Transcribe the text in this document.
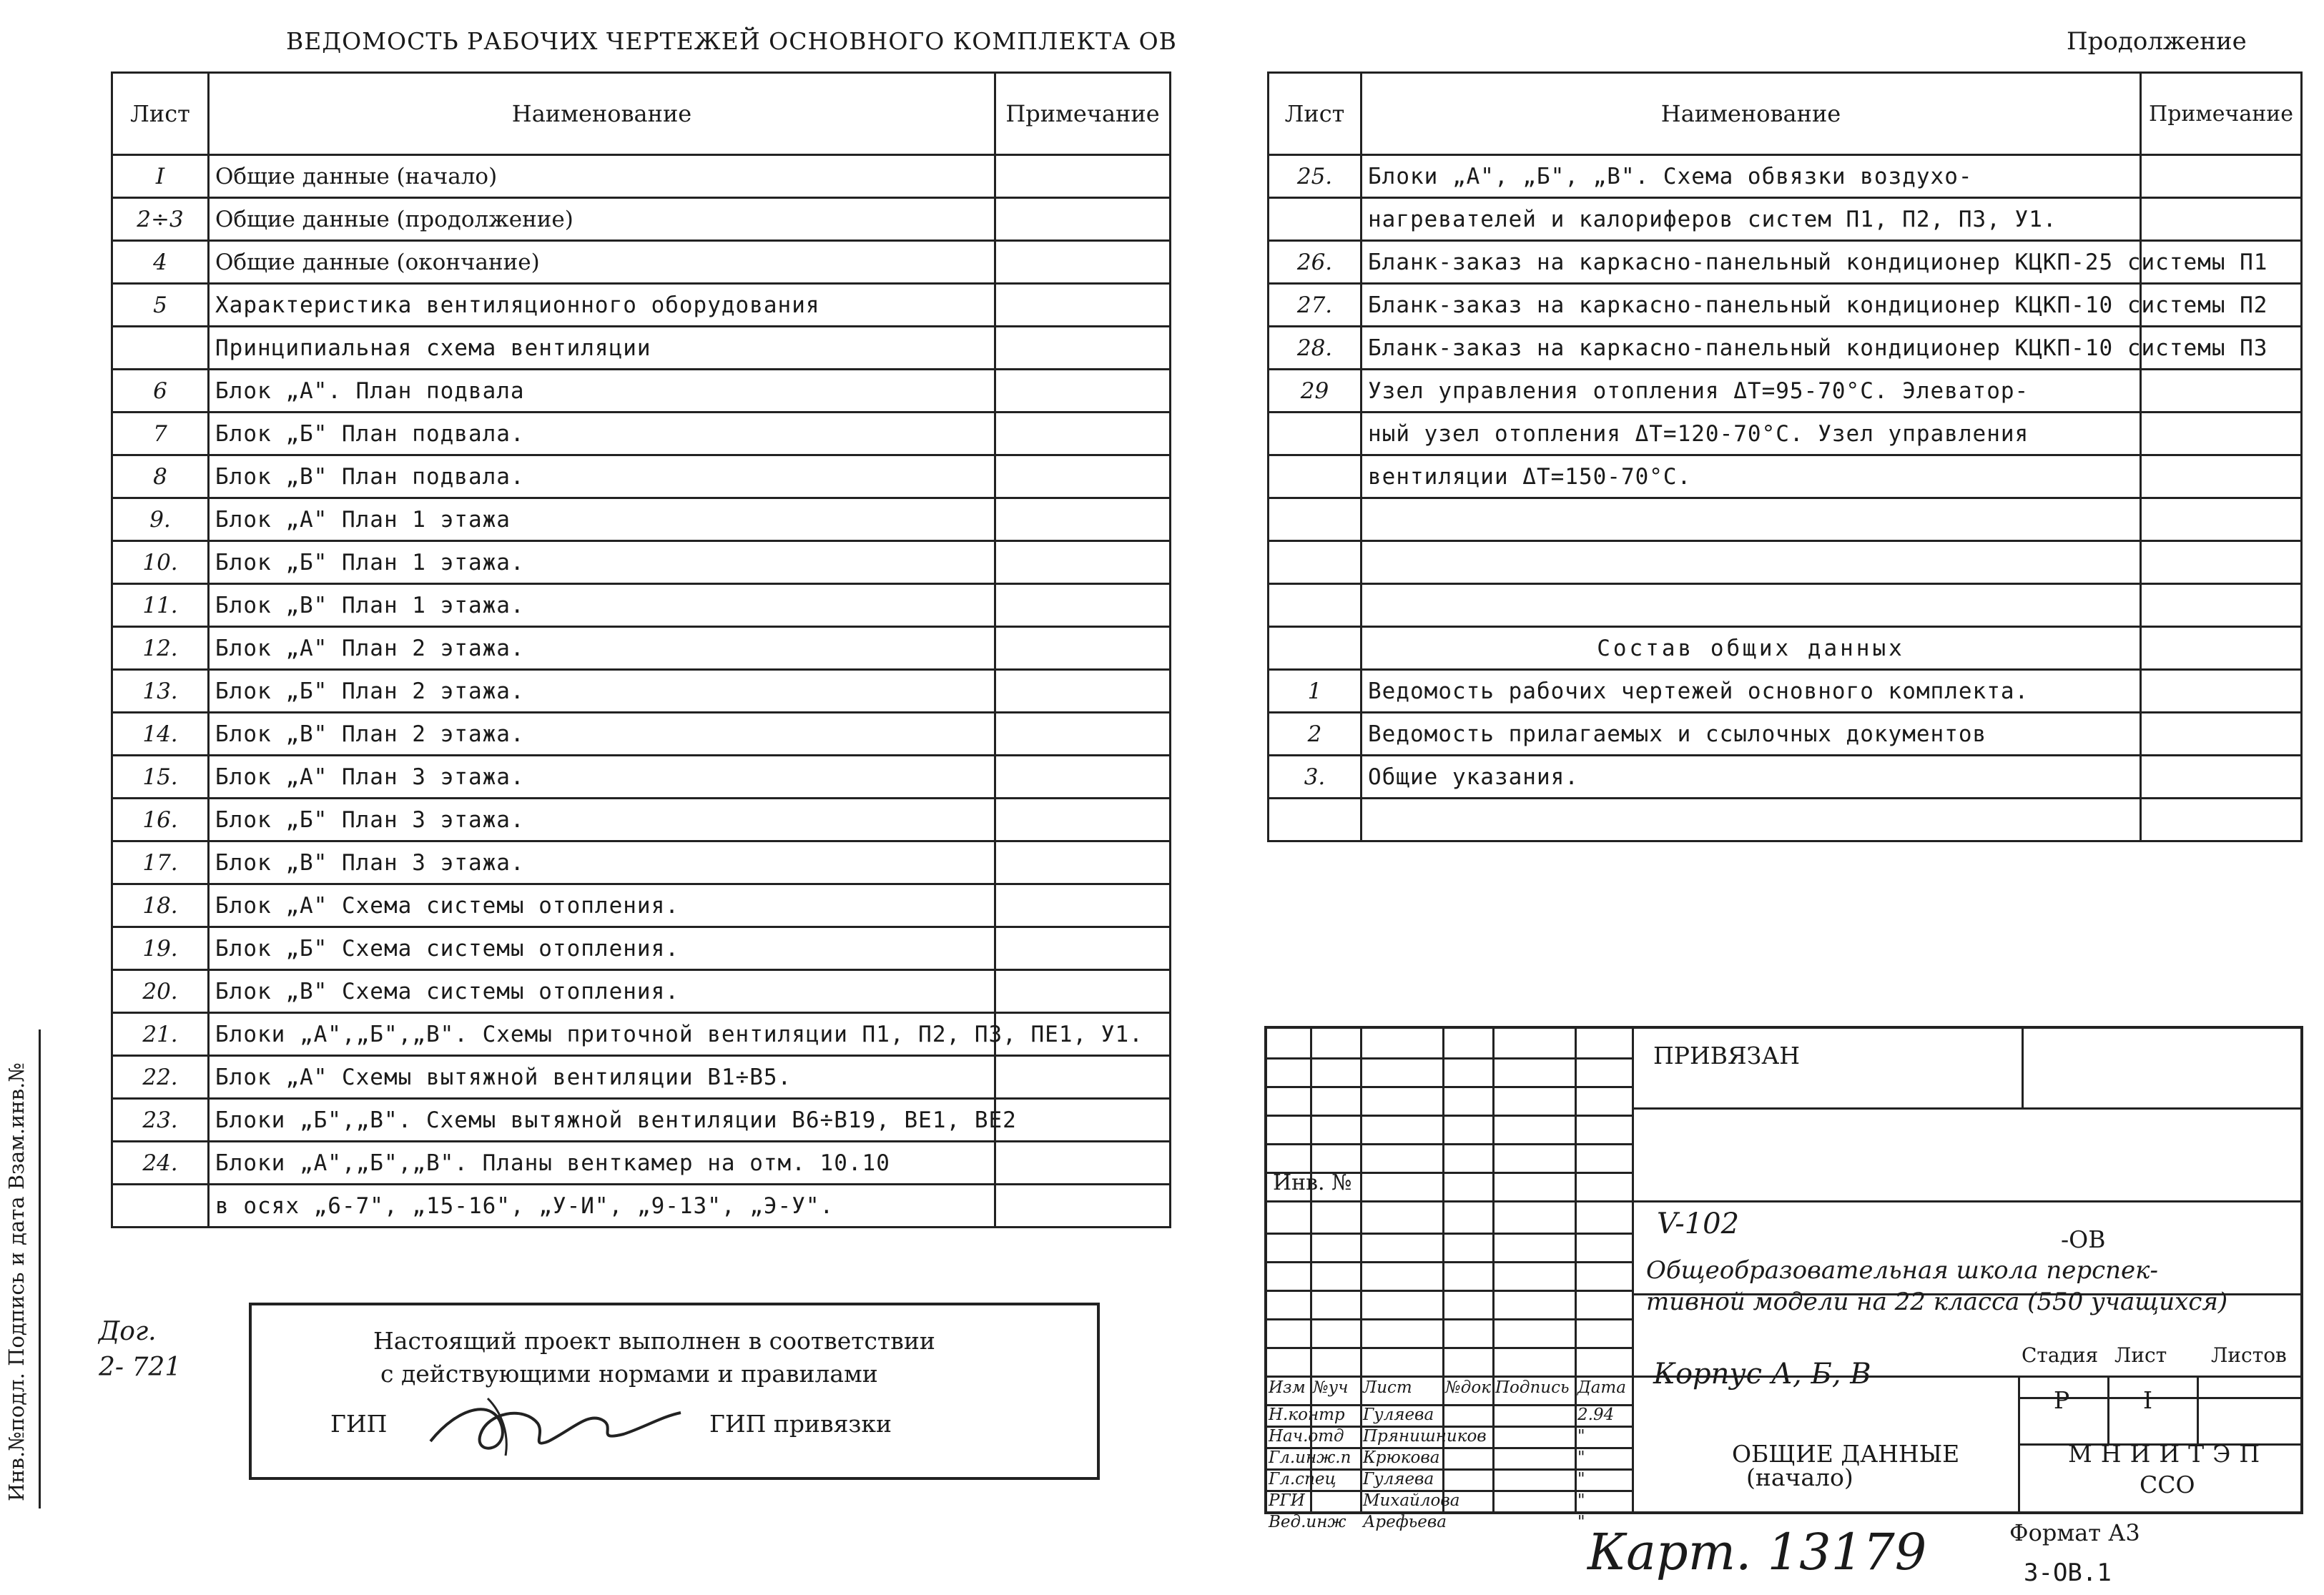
ВЕДОМОСТЬ РАБОЧИХ ЧЕРТЕЖЕЙ ОСНОВНОГО КОМПЛЕКТА ОВ	Продолжение
Лист	Наименование	Примечание
I	Общие данные (начало)	
2÷3	Общие данные (продолжение)	
4	Общие данные (окончание)	
5	Характеристика вентиляционного оборудования	
	Принципиальная схема вентиляции	
6	Блок „А". План подвала	
7	Блок „Б" План подвала.	
8	Блок „В" План подвала.	
9.	Блок „А" План 1 этажа	
10.	Блок „Б" План 1 этажа.	
11.	Блок „В" План 1 этажа.	
12.	Блок „А" План 2 этажа.	
13.	Блок „Б" План 2 этажа.	
14.	Блок „В" План 2 этажа.	
15.	Блок „А" План 3 этажа.	
16.	Блок „Б" План 3 этажа.	
17.	Блок „В" План 3 этажа.	
18.	Блок „А" Схема системы отопления.	
19.	Блок „Б" Схема системы отопления.	
20.	Блок „В" Схема системы отопления.	
21.	Блоки „А",„Б",„В". Схемы приточной вентиляции П1, П2, П3, ПЕ1, У1.	
22.	Блок „А" Схемы вытяжной вентиляции В1÷В5.	
23.	Блоки „Б",„В". Схемы вытяжной вентиляции В6÷В19, ВЕ1, ВЕ2	
24.	Блоки „А",„Б",„В". Планы венткамер на отм. 10.10	
	в осях „6-7", „15-16", „У-И", „9-13", „Э-У".	
Лист	Наименование	Примечание
25.	Блоки „А", „Б", „В". Схема обвязки воздухо-	
	нагревателей и калориферов систем П1, П2, П3, У1.	
26.	Бланк-заказ на каркасно-панельный кондиционер КЦКП-25 системы П1	
27.	Бланк-заказ на каркасно-панельный кондиционер КЦКП-10 системы П2	
28.	Бланк-заказ на каркасно-панельный кондиционер КЦКП-10 системы П3	
29	Узел управления отопления ΔТ=95-70°С. Элеватор-	
	ный узел отопления ΔТ=120-70°С. Узел управления	
	вентиляции ΔТ=150-70°С.	

	Состав общих данных	
1	Ведомость рабочих чертежей основного комплекта.	
2	Ведомость прилагаемых и ссылочных документов	
3.	Общие указания.	

Настоящий проект выполнен в соответствии
с действующими нормами и правилами
ГИП	ГИП привязки
Инв.№подл. Подпись и дата Взам.инв.№	Дог.
2- 721
ПРИВЯЗАН
Инв. №
V-102	-ОВ
Общеобразовательная школа перспек-
тивной модели на 22 класса (550 учащихся)
Корпус А, Б, В
Стадия Лист Листов
Р	I
ОБЩИЕ ДАННЫЕ
(начало)
МНИИТЭП
ССО
Изм №уч Лист №док Подпись Дата
Н.контр Гуляева	2.94
Нач.отд Прянишников	"
Гл.инж.п Крюкова	"
Гл.спец Гуляева	"
РГИ	Михайлова	"
Вед.инж Арефьева	"
Карт. 13179	Формат А3
3-ОВ.1
